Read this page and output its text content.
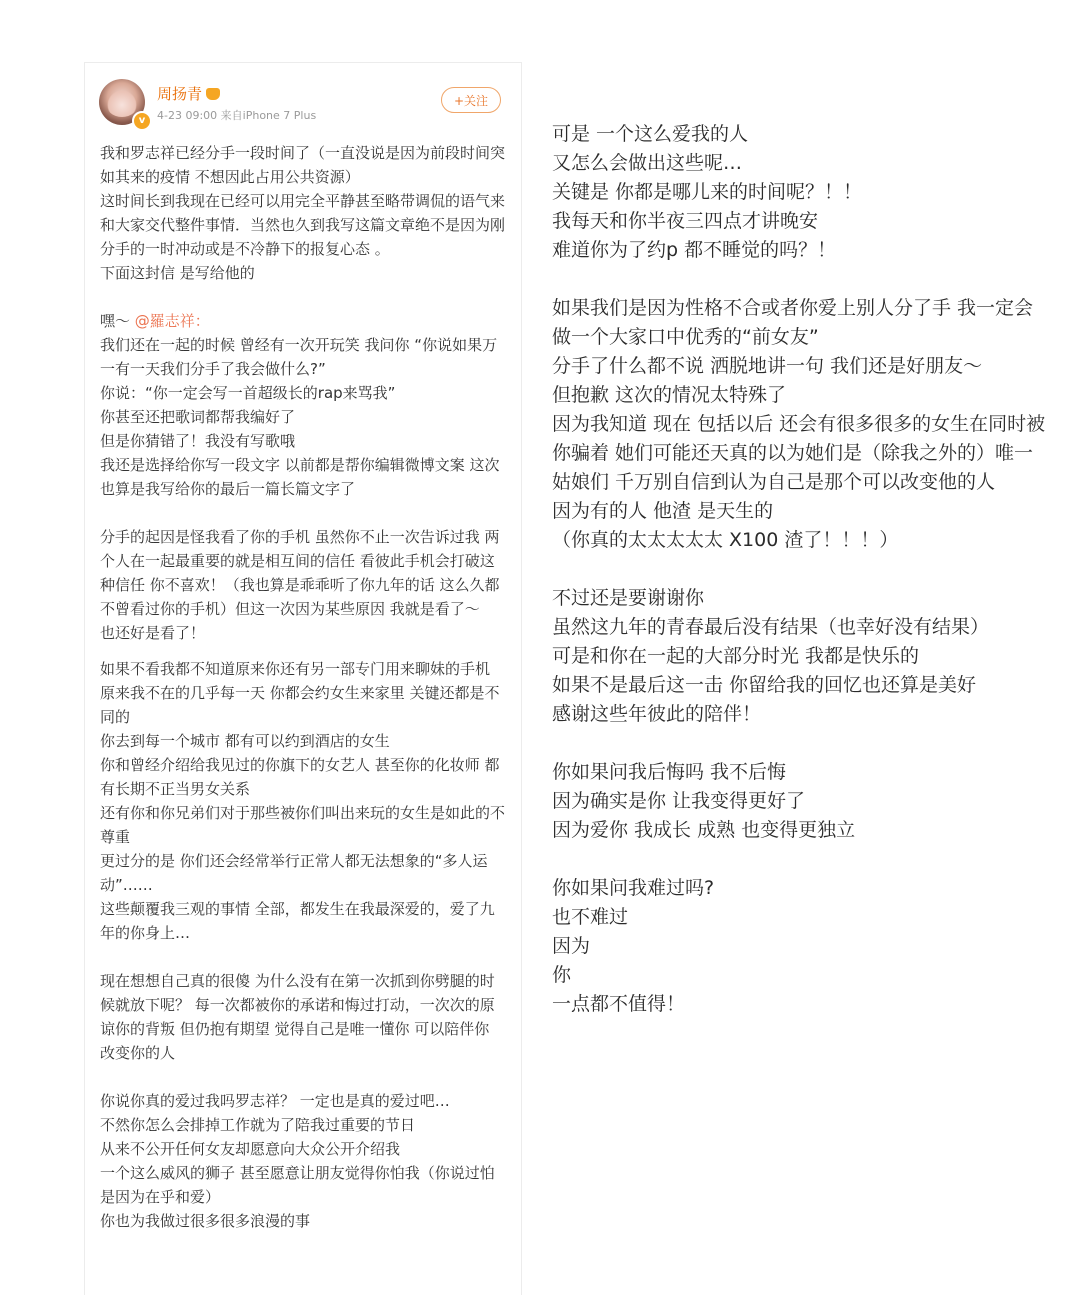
v
周扬青
4-23 09:00 来自iPhone 7 Plus
+关注

我和罗志祥已经分手一段时间了（一直没说是因为前段时间突如其来的疫情 不想因此占用公共资源）

这时间长到我现在已经可以用完全平静甚至略带调侃的语气来和大家交代整件事情．当然也久到我写这篇文章绝不是因为刚分手的一时冲动或是不冷静下的报复心态 。

下面这封信 是写给他的

嘿～ @羅志祥：

我们还在一起的时候 曾经有一次开玩笑 我问你 “你说如果万一有一天我们分手了我会做什么?”

你说：“你一定会写一首超级长的rap来骂我”

你甚至还把歌词都帮我编好了

但是你猜错了！我没有写歌哦

我还是选择给你写一段文字 以前都是帮你编辑微博文案 这次也算是我写给你的最后一篇长篇文字了

分手的起因是怪我看了你的手机 虽然你不止一次告诉过我 两个人在一起最重要的就是相互间的信任 看彼此手机会打破这种信任 你不喜欢！（我也算是乖乖听了你九年的话 这么久都不曾看过你的手机）但这一次因为某些原因 我就是看了～

也还好是看了！

如果不看我都不知道原来你还有另一部专门用来聊妹的手机

原来我不在的几乎每一天 你都会约女生来家里 关键还都是不同的

你去到每一个城市 都有可以约到酒店的女生

你和曾经介绍给我见过的你旗下的女艺人 甚至你的化妆师 都有长期不正当男女关系

还有你和你兄弟们对于那些被你们叫出来玩的女生是如此的不尊重

更过分的是 你们还会经常举行正常人都无法想象的“多人运动”……

这些颠覆我三观的事情 全部，都发生在我最深爱的，爱了九年的你身上…

现在想想自己真的很傻 为什么没有在第一次抓到你劈腿的时候就放下呢？ 每一次都被你的承诺和悔过打动，一次次的原谅你的背叛 但仍抱有期望 觉得自己是唯一懂你 可以陪伴你 改变你的人

你说你真的爱过我吗罗志祥？ 一定也是真的爱过吧…

不然你怎么会排掉工作就为了陪我过重要的节日

从来不公开任何女友却愿意向大众公开介绍我

一个这么威风的狮子 甚至愿意让朋友觉得你怕我（你说过怕是因为在乎和爱）

你也为我做过很多很多浪漫的事

可是 一个这么爱我的人

又怎么会做出这些呢…

关键是 你都是哪儿来的时间呢？！！

我每天和你半夜三四点才讲晚安

难道你为了约p 都不睡觉的吗？！

如果我们是因为性格不合或者你爱上别人分了手 我一定会做一个大家口中优秀的“前女友”

分手了什么都不说 洒脱地讲一句 我们还是好朋友～

但抱歉 这次的情况太特殊了

因为我知道 现在 包括以后 还会有很多很多的女生在同时被你骗着 她们可能还天真的以为她们是（除我之外的）唯一

姑娘们 千万别自信到认为自己是那个可以改变他的人

因为有的人 他渣 是天生的

（你真的太太太太太 X100 渣了！！！）

不过还是要谢谢你

虽然这九年的青春最后没有结果（也幸好没有结果）

可是和你在一起的大部分时光 我都是快乐的

如果不是最后这一击 你留给我的回忆也还算是美好

感谢这些年彼此的陪伴！

你如果问我后悔吗 我不后悔

因为确实是你 让我变得更好了

因为爱你 我成长 成熟 也变得更独立

你如果问我难过吗?

也不难过

因为

你

一点都不值得！
